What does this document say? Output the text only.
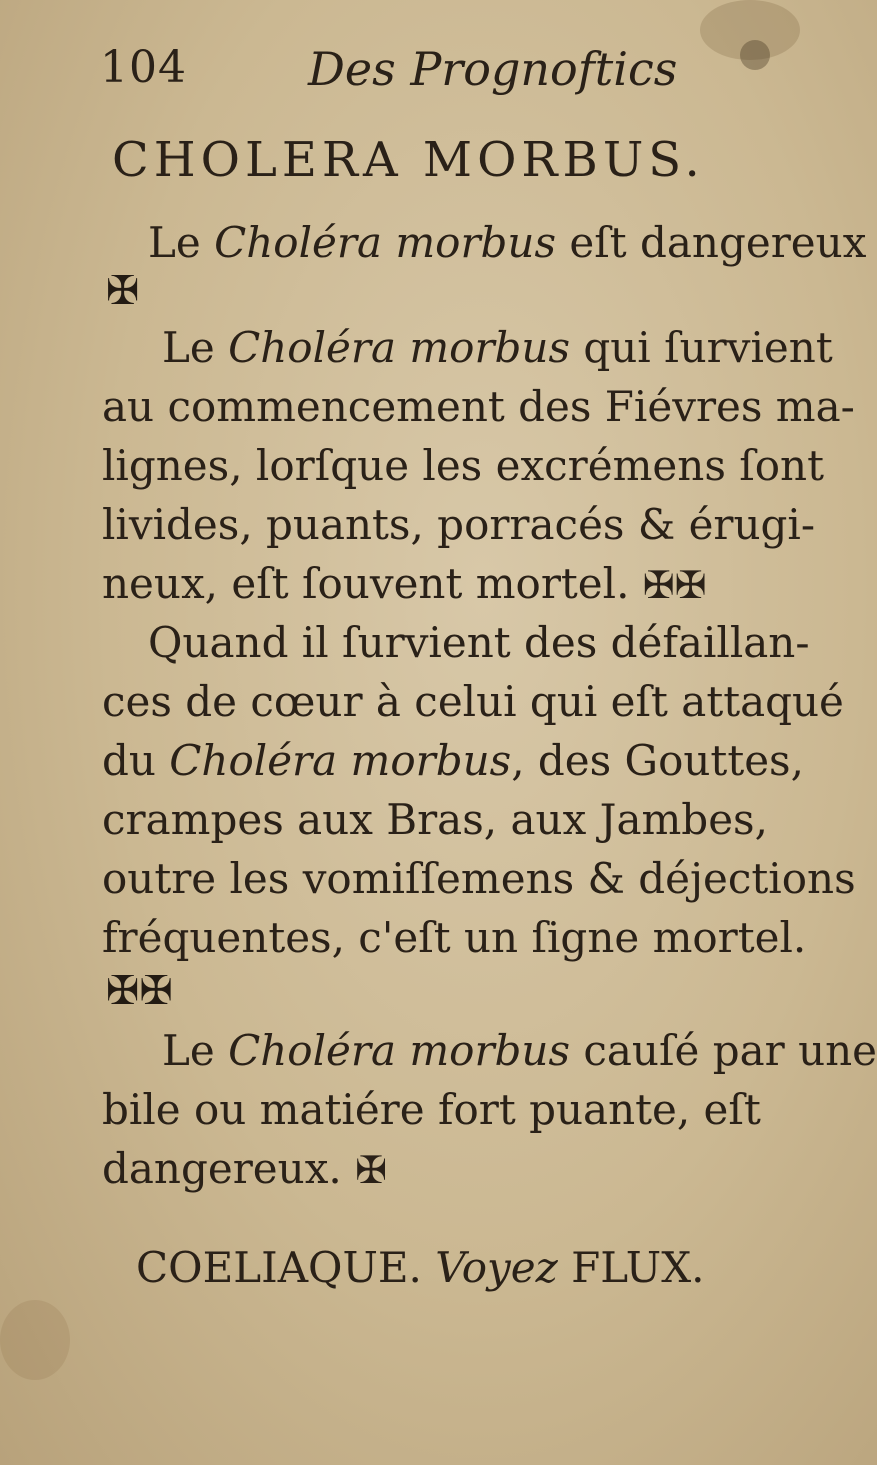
104	Des Prognoftics
CHOLERA MORBUS.
Le Choléra morbus eſt dangereux
✠
Le Choléra morbus qui ſurvient
au commencement des Fiévres ma-
lignes, lorſque les excrémens ſont
livides, puants, porracés & érugi-
neux, eſt ſouvent mortel. ✠✠
Quand il ſurvient des défaillan-
ces de cœur à celui qui eſt attaqué
du Choléra morbus, des Gouttes,
crampes aux Bras, aux Jambes,
outre les vomiſſemens & déjections
fréquentes, c'eſt un ſigne mortel.
✠✠
Le Choléra morbus cauſé par une
bile ou matiére fort puante, eſt
dangereux. ✠
COELIAQUE. Voyez FLUX.
